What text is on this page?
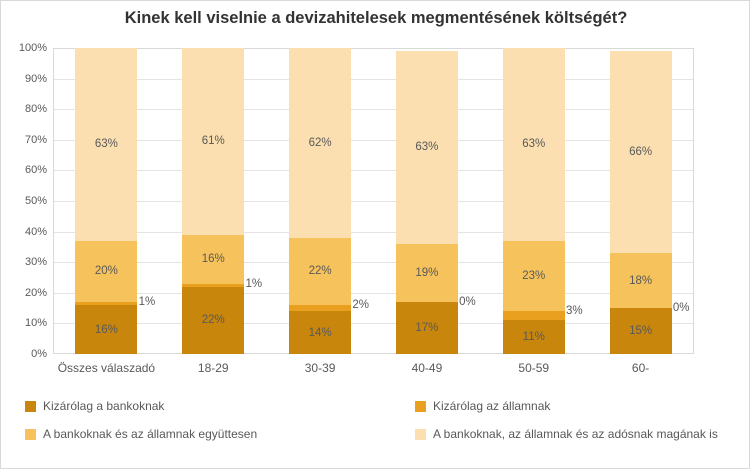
Kinek kell viselnie a devizahitelesek megmentésének költségét?
0%
10%
20%
30%
40%
50%
60%
70%
80%
90%
100%
16%
1%
20%
63%
22%
1%
16%
61%
14%
2%
22%
62%
17%
0%
19%
63%
11%
3%
23%
63%
15%
0%
18%
66%
Összes válaszadó	18-29	30-39	40-49	50-59	60-
Kizárólag a bankoknak	Kizárólag az államnak
A bankoknak és az államnak együttesen	A bankoknak, az államnak és az adósnak magának is
